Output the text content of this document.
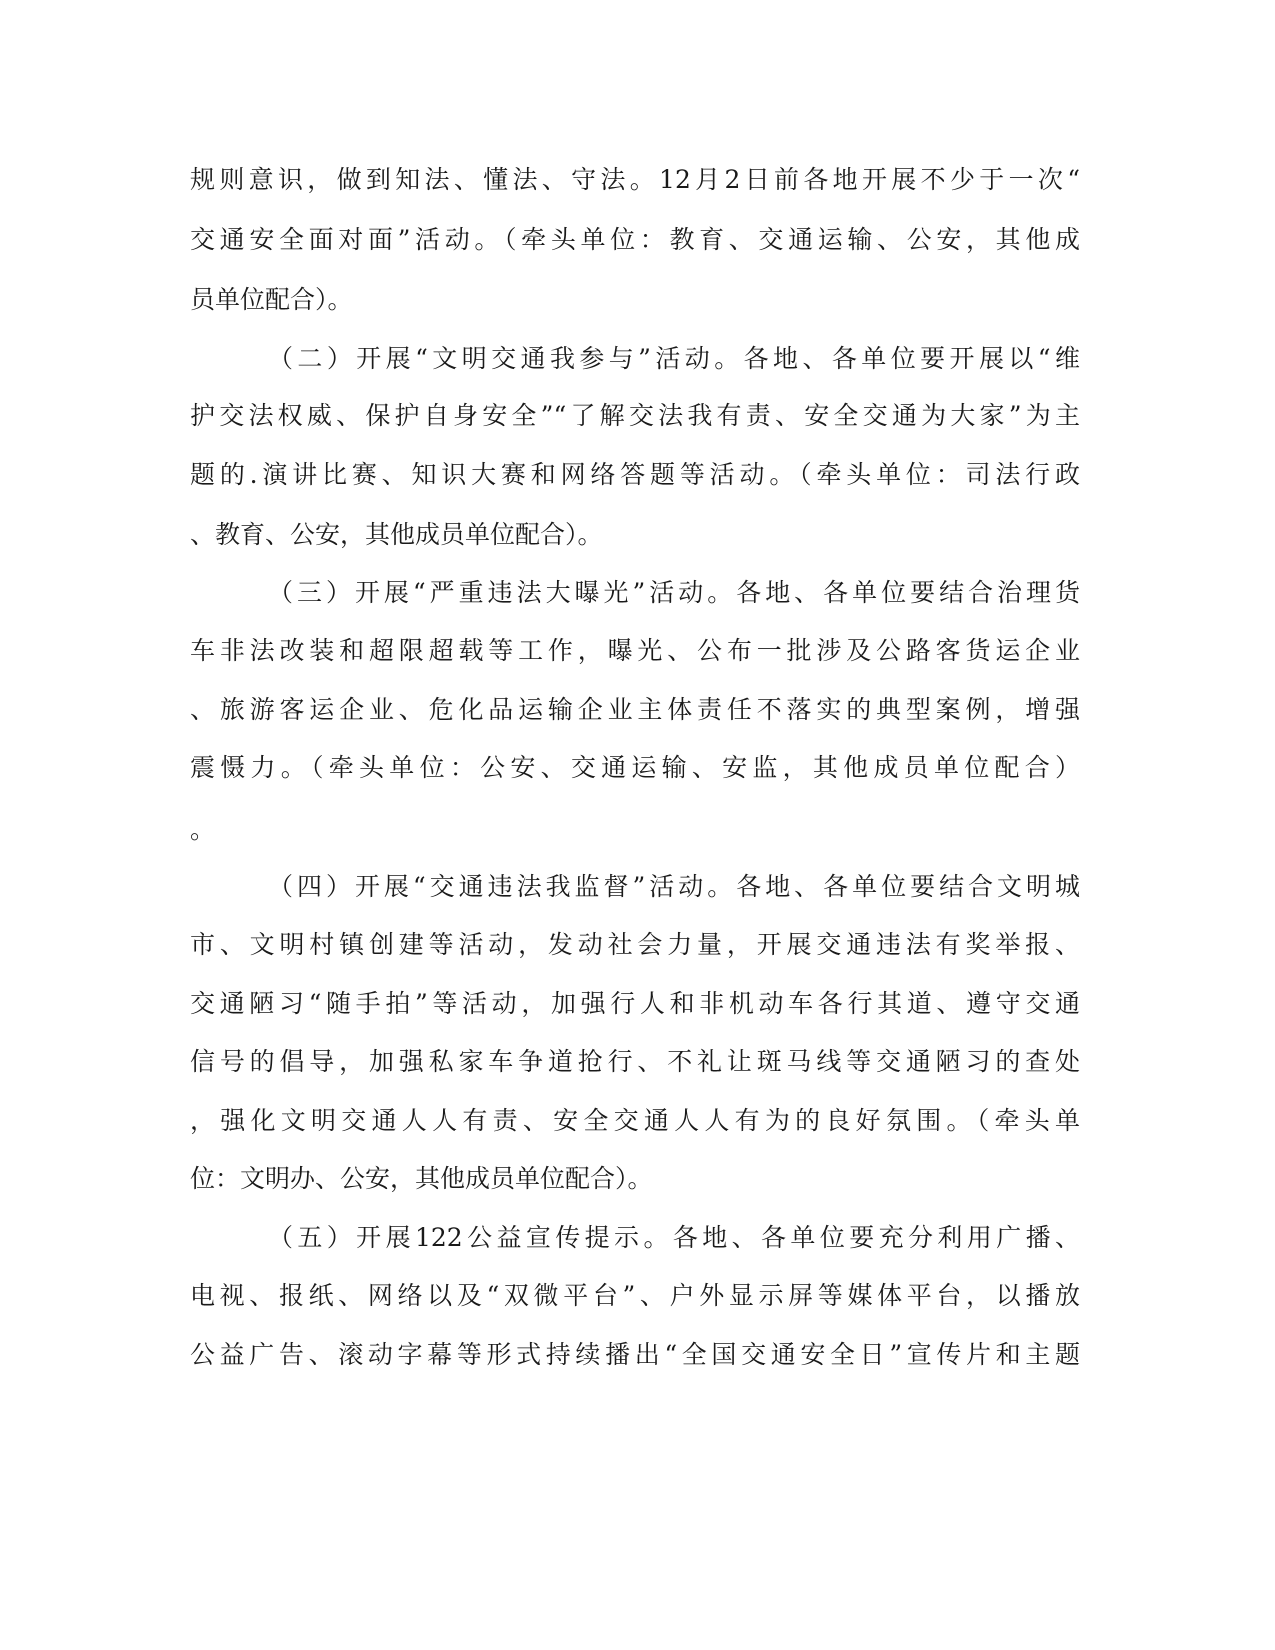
规则意识，做到知法、懂法、守法。12月2日前各地开展不少于一次“
交通安全面对面”活动。（牵头单位：教育、交通运输、公安，其他成
员单位配合）。
（二）开展“文明交通我参与”活动。各地、各单位要开展以“维
护交法权威、保护自身安全”“了解交法我有责、安全交通为大家”为主
题的.演讲比赛、知识大赛和网络答题等活动。（牵头单位：司法行政
、教育、公安，其他成员单位配合）。
（三）开展“严重违法大曝光”活动。各地、各单位要结合治理货
车非法改装和超限超载等工作，曝光、公布一批涉及公路客货运企业
、旅游客运企业、危化品运输企业主体责任不落实的典型案例，增强
震慑力。（牵头单位：公安、交通运输、安监，其他成员单位配合）
。
（四）开展“交通违法我监督”活动。各地、各单位要结合文明城
市、文明村镇创建等活动，发动社会力量，开展交通违法有奖举报、
交通陋习“随手拍”等活动，加强行人和非机动车各行其道、遵守交通
信号的倡导，加强私家车争道抢行、不礼让斑马线等交通陋习的查处
，强化文明交通人人有责、安全交通人人有为的良好氛围。（牵头单
位：文明办、公安，其他成员单位配合）。
（五）开展122公益宣传提示。各地、各单位要充分利用广播、
电视、报纸、网络以及“双微平台”、户外显示屏等媒体平台，以播放
公益广告、滚动字幕等形式持续播出“全国交通安全日”宣传片和主题
